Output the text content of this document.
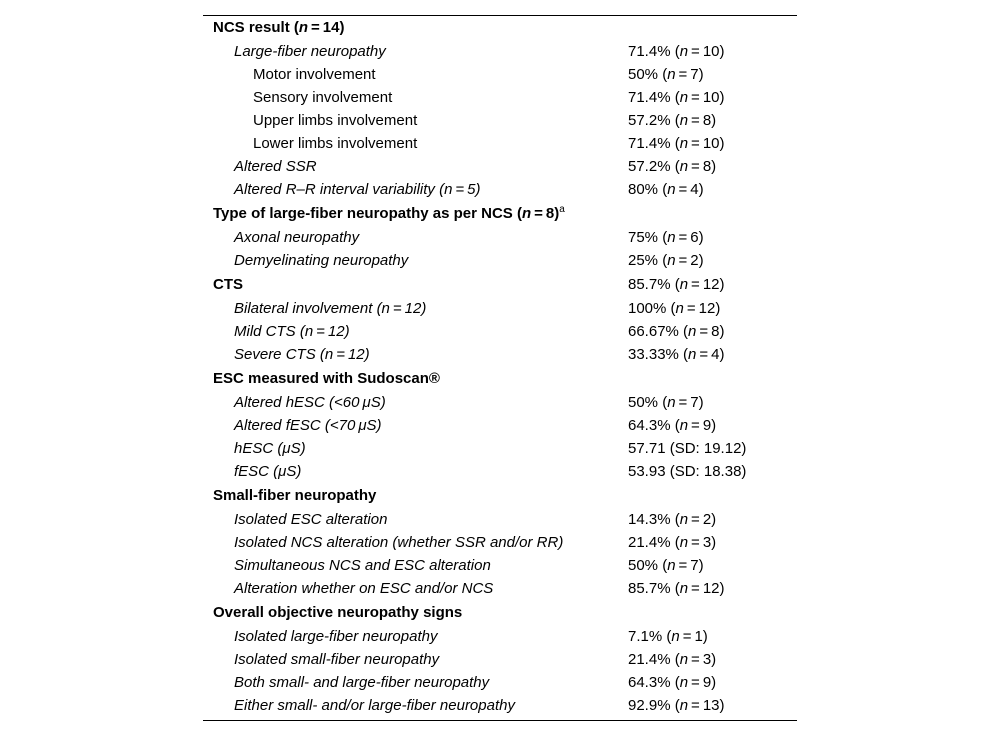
NCS result (n = 14)
Large-fiber neuropathy	71.4% (n = 10)
Motor involvement	50% (n = 7)
Sensory involvement	71.4% (n = 10)
Upper limbs involvement	57.2% (n = 8)
Lower limbs involvement	71.4% (n = 10)
Altered SSR	57.2% (n = 8)
Altered R–R interval variability (n = 5)	80% (n = 4)
Type of large-fiber neuropathy as per NCS (n = 8)$^a$
Axonal neuropathy	75% (n = 6)
Demyelinating neuropathy	25% (n = 2)
CTS	85.7% (n = 12)
Bilateral involvement (n = 12)	100% (n = 12)
Mild CTS (n = 12)	66.67% (n = 8)
Severe CTS (n = 12)	33.33% (n = 4)
ESC measured with Sudoscan®
Altered hESC (<60 μS)	50% (n = 7)
Altered fESC (<70 μS)	64.3% (n = 9)
hESC (μS)	57.71 (SD: 19.12)
fESC (μS)	53.93 (SD: 18.38)
Small-fiber neuropathy
Isolated ESC alteration	14.3% (n = 2)
Isolated NCS alteration (whether SSR and/or RR)	21.4% (n = 3)
Simultaneous NCS and ESC alteration	50% (n = 7)
Alteration whether on ESC and/or NCS	85.7% (n = 12)
Overall objective neuropathy signs
Isolated large-fiber neuropathy	7.1% (n = 1)
Isolated small-fiber neuropathy	21.4% (n = 3)
Both small- and large-fiber neuropathy	64.3% (n = 9)
Either small- and/or large-fiber neuropathy	92.9% (n = 13)
